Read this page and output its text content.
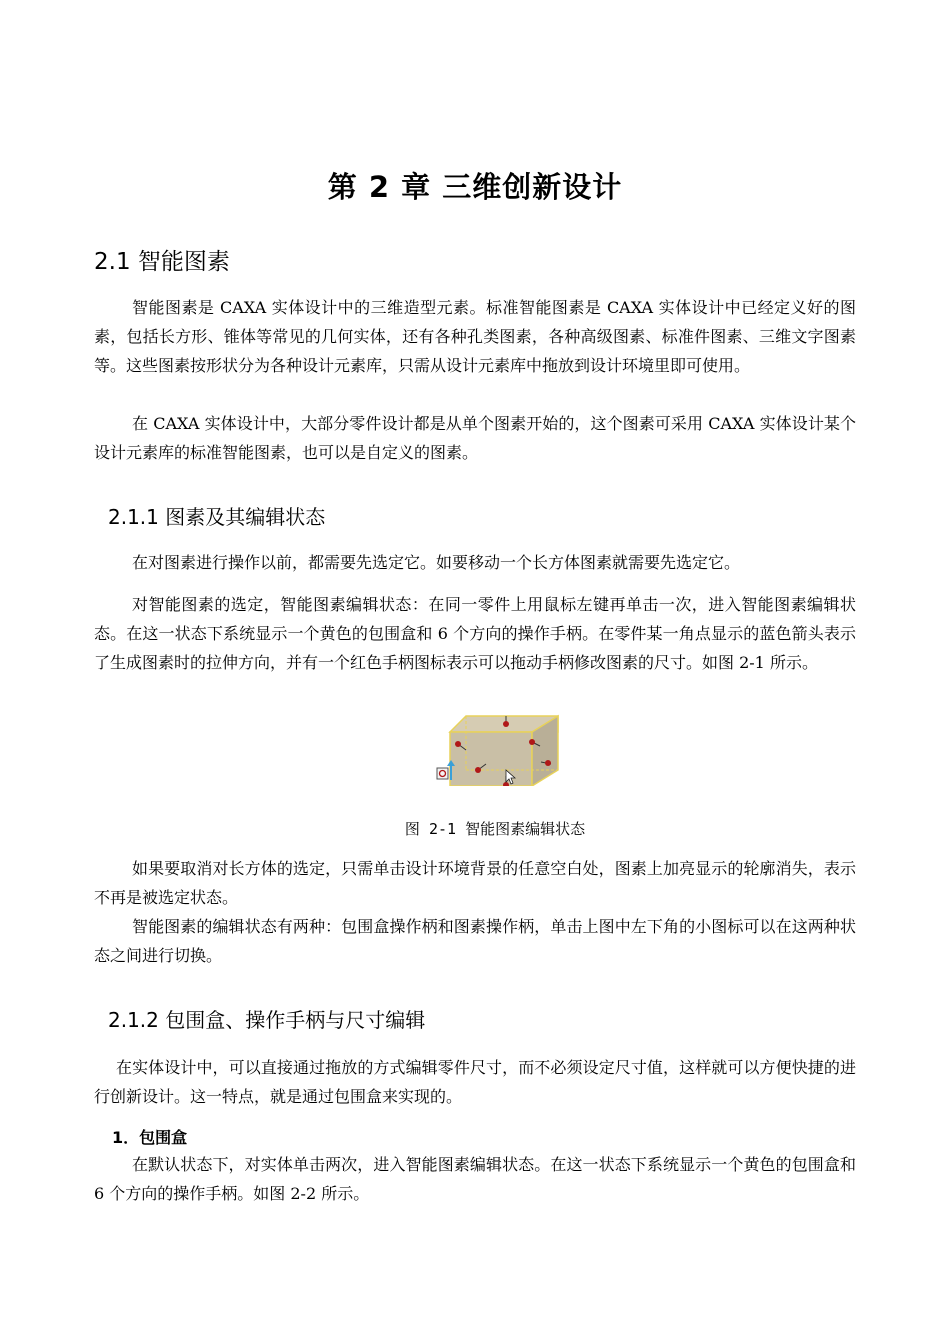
第 2 章 三维创新设计
2.1 智能图素

智能图素是 CAXA 实体设计中的三维造型元素。标准智能图素是 CAXA 实体设计中已经定义好的图素，包括长方形、锥体等常见的几何实体，还有各种孔类图素，各种高级图素、标准件图素、三维文字图素等。这些图素按形状分为各种设计元素库，只需从设计元素库中拖放到设计环境里即可使用。

在 CAXA 实体设计中，大部分零件设计都是从单个图素开始的，这个图素可采用 CAXA 实体设计某个设计元素库的标准智能图素，也可以是自定义的图素。

2.1.1 图素及其编辑状态

在对图素进行操作以前，都需要先选定它。如要移动一个长方体图素就需要先选定它。

对智能图素的选定，智能图素编辑状态：在同一零件上用鼠标左键再单击一次，进入智能图素编辑状态。在这一状态下系统显示一个黄色的包围盒和 6 个方向的操作手柄。在零件某一角点显示的蓝色箭头表示了生成图素时的拉伸方向，并有一个红色手柄图标表示可以拖动手柄修改图素的尺寸。如图 2-1 所示。

图 2-1 智能图素编辑状态

如果要取消对长方体的选定，只需单击设计环境背景的任意空白处，图素上加亮显示的轮廓消失，表示不再是被选定状态。

智能图素的编辑状态有两种：包围盒操作柄和图素操作柄，单击上图中左下角的小图标可以在这两种状态之间进行切换。

2.1.2 包围盒、操作手柄与尺寸编辑

在实体设计中，可以直接通过拖放的方式编辑零件尺寸，而不必须设定尺寸值，这样就可以方便快捷的进行创新设计。这一特点，就是通过包围盒来实现的。

1．包围盒

在默认状态下，对实体单击两次，进入智能图素编辑状态。在这一状态下系统显示一个黄色的包围盒和 6 个方向的操作手柄。如图 2-2 所示。
